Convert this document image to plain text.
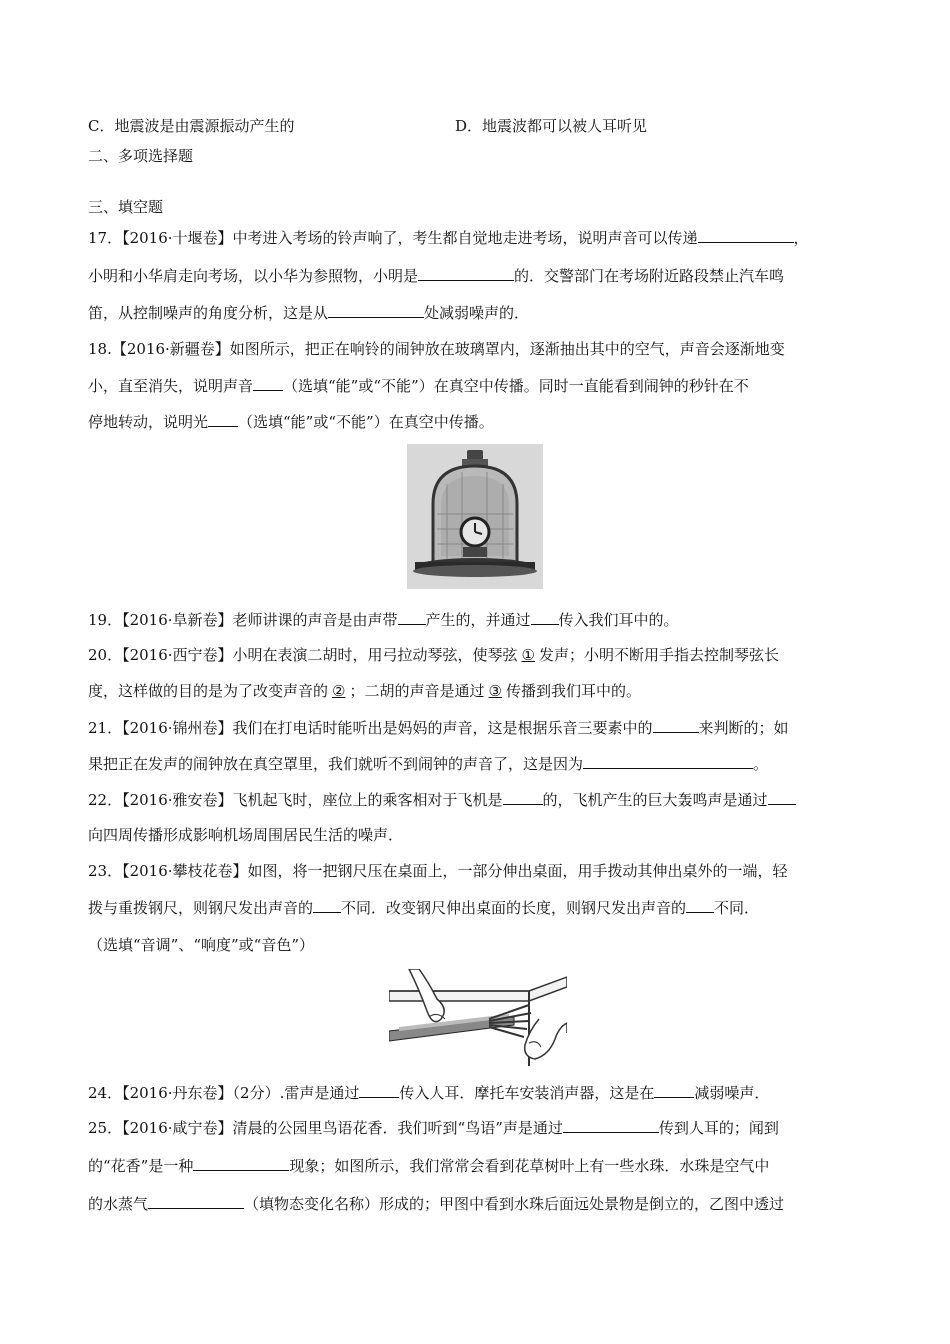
C．地震波是由震源振动产生的	D．地震波都可以被人耳听见
二、多项选择题
三、填空题
17．【2016·十堰卷】中考进入考场的铃声响了，考生都自觉地走进考场，说明声音可以传递	，
小明和小华肩走向考场，以小华为参照物，小明是	的．交警部门在考场附近路段禁止汽车鸣
笛，从控制噪声的角度分析，这是从	处减弱噪声的．
18.【2016·新疆卷】如图所示，把正在响铃的闹钟放在玻璃罩内，逐渐抽出其中的空气，声音会逐渐地变
小，直至消失，说明声音 （选填“能”或“不能”）在真空中传播。同时一直能看到闹钟的秒针在不
停地转动，说明光 （选填“能”或“不能”）在真空中传播。
19．【2016·阜新卷】老师讲课的声音是由声带 产生的，并通过 传入我们耳中的。
20．【2016·西宁卷】小明在表演二胡时，用弓拉动琴弦，使琴弦 ① 发声；小明不断用手指去控制琴弦长
度，这样做的目的是为了改变声音的 ② ；二胡的声音是通过 ③ 传播到我们耳中的。
21．【2016·锦州卷】我们在打电话时能听出是妈妈的声音，这是根据乐音三要素中的	来判断的；如
果把正在发声的闹钟放在真空罩里，我们就听不到闹钟的声音了，这是因为	。
22．【2016·雅安卷】飞机起飞时，座位上的乘客相对于飞机是	的，飞机产生的巨大轰鸣声是通过
向四周传播形成影响机场周围居民生活的噪声．
23．【2016·攀枝花卷】如图，将一把钢尺压在桌面上，一部分伸出桌面，用手拨动其伸出桌外的一端，轻
拨与重拨钢尺，则钢尺发出声音的 不同．改变钢尺伸出桌面的长度，则钢尺发出声音的 不同．
（选填“音调”、“响度”或“音色”）
24．【2016·丹东卷】（2分）.雷声是通过	传入人耳．摩托车安装消声器，这是在	减弱噪声．
25．【2016·咸宁卷】清晨的公园里鸟语花香．我们听到“鸟语”声是通过	传到人耳的；闻到
的“花香”是一种	现象；如图所示，我们常常会看到花草树叶上有一些水珠．水珠是空气中
的水蒸气	（填物态变化名称）形成的；甲图中看到水珠后面远处景物是倒立的，乙图中透过
